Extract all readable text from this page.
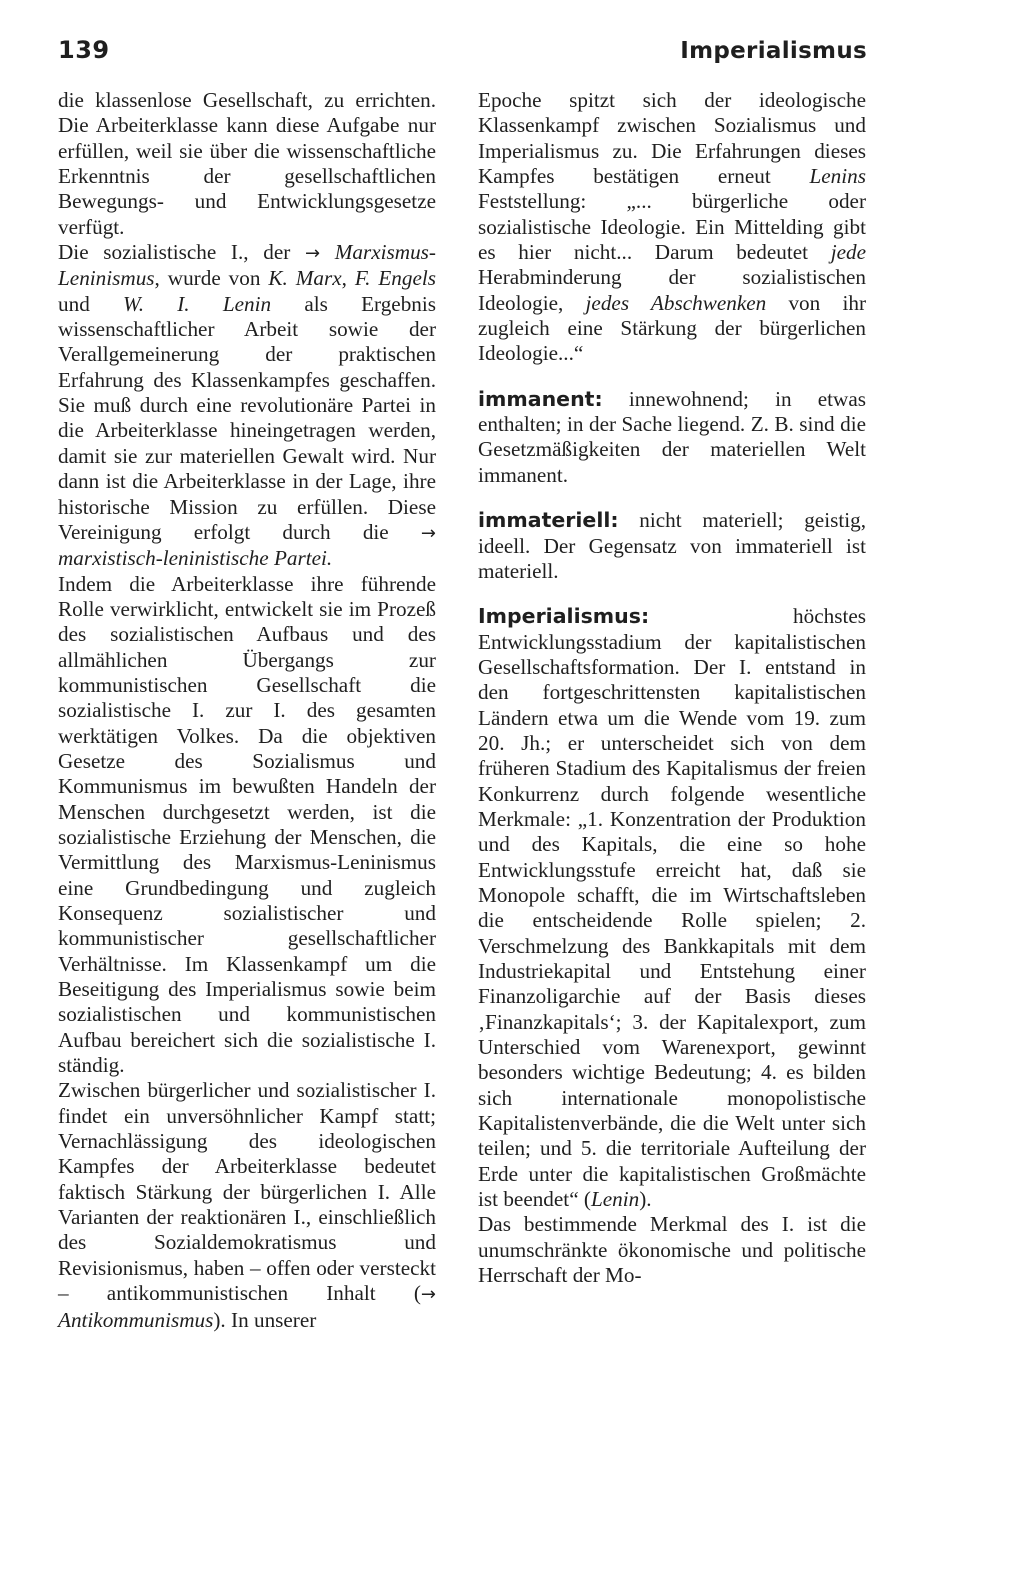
139	Imperialismus

die klassenlose Gesellschaft, zu errichten. Die Arbeiterklasse kann diese Aufgabe nur erfüllen, weil sie über die wissenschaftliche Erkenntnis der gesellschaftlichen Bewegungs- und Entwicklungsgesetze verfügt.

Die sozialistische I., der → Marxismus-Leninismus, wurde von K. Marx, F. Engels und W. I. Lenin als Ergebnis wissenschaftlicher Arbeit sowie der Verallgemeinerung der praktischen Erfahrung des Klassenkampfes geschaffen. Sie muß durch eine revolutionäre Partei in die Arbeiterklasse hineingetragen werden, damit sie zur materiellen Gewalt wird. Nur dann ist die Arbeiterklasse in der Lage, ihre historische Mission zu erfüllen. Diese Vereinigung erfolgt durch die → marxistisch-leninistische Partei.

Indem die Arbeiterklasse ihre führende Rolle verwirklicht, entwickelt sie im Prozeß des sozialistischen Aufbaus und des allmählichen Übergangs zur kommunistischen Gesellschaft die sozialistische I. zur I. des gesamten werktätigen Volkes. Da die objektiven Gesetze des Sozialismus und Kommunismus im bewußten Handeln der Menschen durchgesetzt werden, ist die sozialistische Erziehung der Menschen, die Vermittlung des Marxismus-Leninismus eine Grundbedingung und zugleich Konsequenz sozialistischer und kommunistischer gesellschaftlicher Verhältnisse. Im Klassenkampf um die Beseitigung des Imperialismus sowie beim sozialistischen und kommunistischen Aufbau bereichert sich die sozialistische I. ständig.

Zwischen bürgerlicher und sozialistischer I. findet ein unversöhnlicher Kampf statt; Vernachlässigung des ideologischen Kampfes der Arbeiterklasse bedeutet faktisch Stärkung der bürgerlichen I. Alle Varianten der reaktionären I., einschließlich des Sozialdemokratismus und Revisionismus, haben – offen oder versteckt – antikommunistischen Inhalt (→ Antikommunismus). In unserer

Epoche spitzt sich der ideologische Klassenkampf zwischen Sozialismus und Imperialismus zu. Die Erfahrungen dieses Kampfes bestätigen erneut Lenins Feststellung: „... bürgerliche oder sozialistische Ideologie. Ein Mittelding gibt es hier nicht... Darum bedeutet jede Herabminderung der sozialistischen Ideologie, jedes Abschwenken von ihr zugleich eine Stärkung der bürgerlichen Ideologie...“

immanent: innewohnend; in etwas enthalten; in der Sache liegend. Z. B. sind die Gesetzmäßigkeiten der materiellen Welt immanent.

immateriell: nicht materiell; geistig, ideell. Der Gegensatz von immateriell ist materiell.

Imperialismus: höchstes Entwicklungsstadium der kapitalistischen Gesellschaftsformation. Der I. entstand in den fortgeschrittensten kapitalistischen Ländern etwa um die Wende vom 19. zum 20. Jh.; er unterscheidet sich von dem früheren Stadium des Kapitalismus der freien Konkurrenz durch folgende wesentliche Merkmale: „1. Konzentration der Produktion und des Kapitals, die eine so hohe Entwicklungsstufe erreicht hat, daß sie Monopole schafft, die im Wirtschaftsleben die entscheidende Rolle spielen; 2. Verschmelzung des Bankkapitals mit dem Industriekapital und Entstehung einer Finanzoligarchie auf der Basis dieses ‚Finanzkapitals‘; 3. der Kapitalexport, zum Unterschied vom Warenexport, gewinnt besonders wichtige Bedeutung; 4. es bilden sich internationale monopolistische Kapitalistenverbände, die die Welt unter sich teilen; und 5. die territoriale Aufteilung der Erde unter die kapitalistischen Großmächte ist beendet“ (Lenin).

Das bestimmende Merkmal des I. ist die unumschränkte ökonomische und politische Herrschaft der Mo-
